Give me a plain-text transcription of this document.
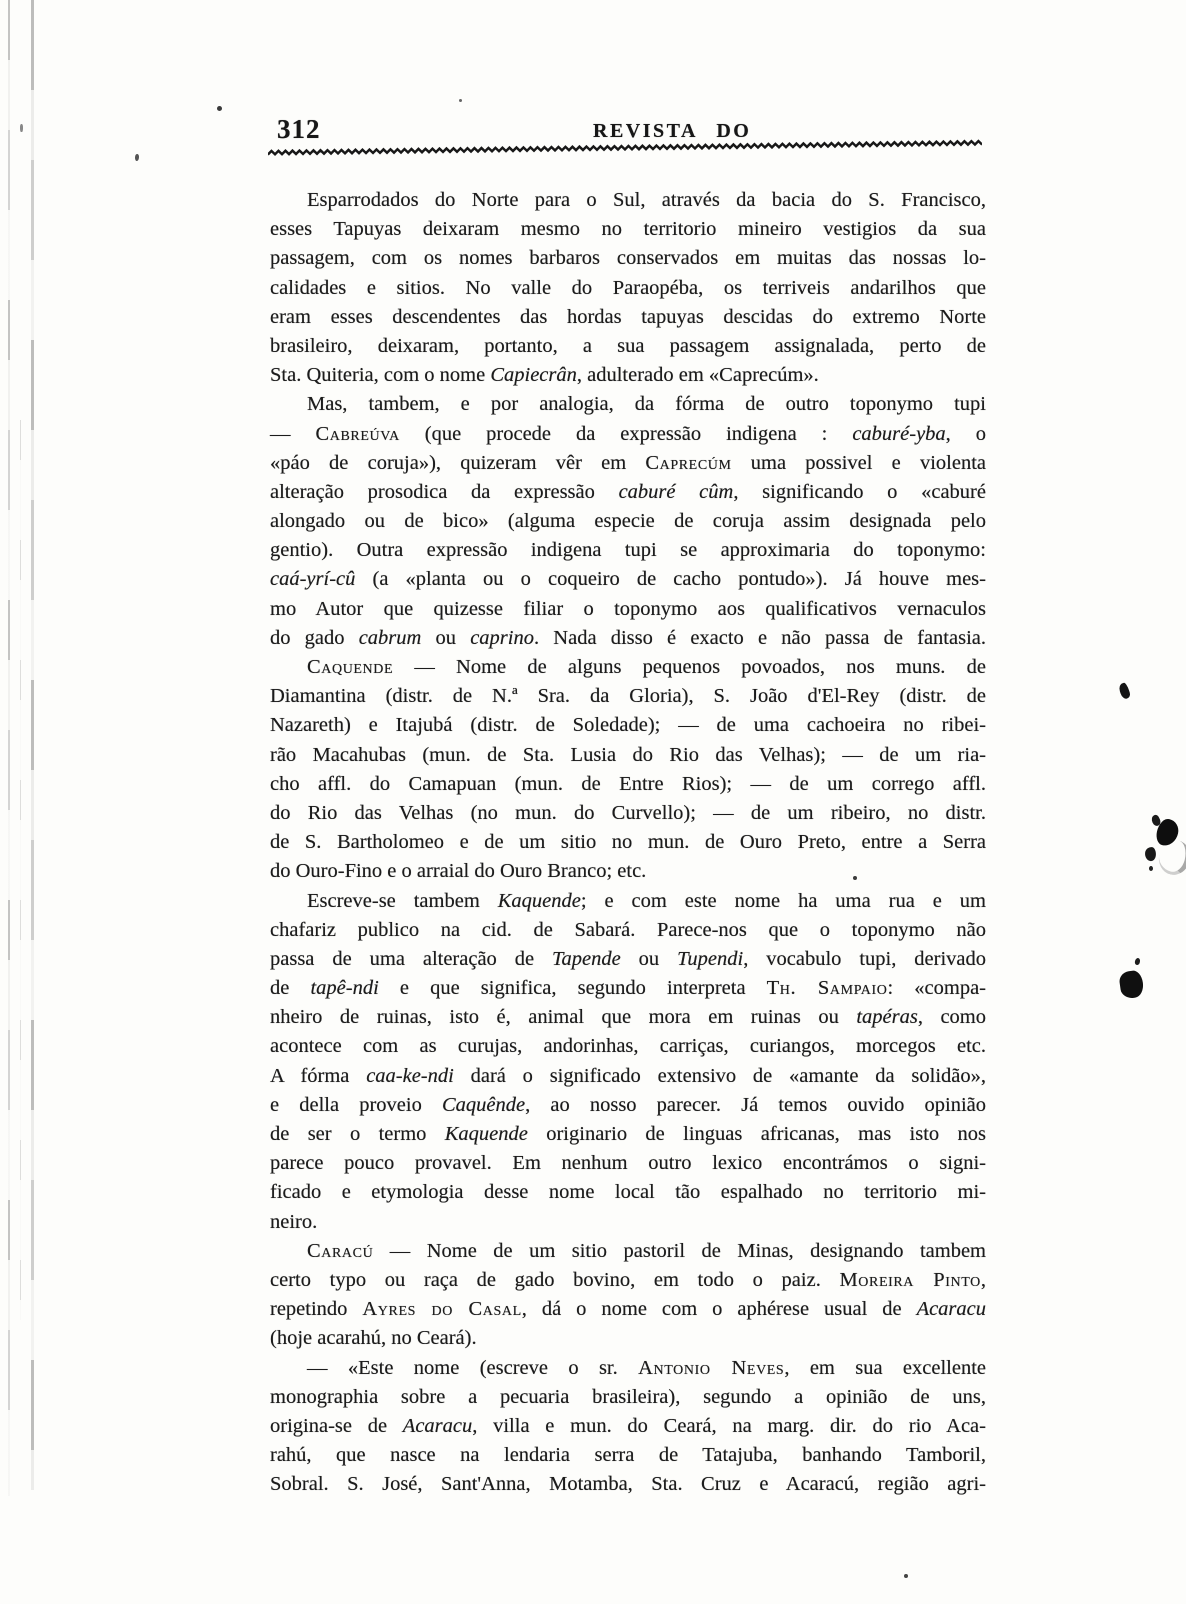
312	REVISTA DO
Esparrodados do Norte para o Sul, através da bacia do S. Francisco,
esses Tapuyas deixaram mesmo no territorio mineiro vestigios da sua
passagem, com os nomes barbaros conservados em muitas das nossas lo-
calidades e sitios. No valle do Paraopéba, os terriveis andarilhos que
eram esses descendentes das hordas tapuyas descidas do extremo Norte
brasileiro, deixaram, portanto, a sua passagem assignalada, perto de
Sta. Quiteria, com o nome Capiecrân, adulterado em «Caprecúm».
Mas, tambem, e por analogia, da fórma de outro toponymo tupi
— Cabreúva (que procede da expressão indigena : caburé-yba, o
«páo de coruja»), quizeram vêr em Caprecúm uma possivel e violenta
alteração prosodica da expressão caburé cûm, significando o «caburé
alongado ou de bico» (alguma especie de coruja assim designada pelo
gentio). Outra expressão indigena tupi se approximaria do toponymo:
caá-yrí-cû (a «planta ou o coqueiro de cacho pontudo»). Já houve mes-
mo Autor que quizesse filiar o toponymo aos qualificativos vernaculos
do gado cabrum ou caprino. Nada disso é exacto e não passa de fantasia.
Caquende — Nome de alguns pequenos povoados, nos muns. de
Diamantina (distr. de N.ª Sra. da Gloria), S. João d'El-Rey (distr. de
Nazareth) e Itajubá (distr. de Soledade); — de uma cachoeira no ribei-
rão Macahubas (mun. de Sta. Lusia do Rio das Velhas); — de um ria-
cho affl. do Camapuan (mun. de Entre Rios); — de um corrego affl.
do Rio das Velhas (no mun. do Curvello); — de um ribeiro, no distr.
de S. Bartholomeo e de um sitio no mun. de Ouro Preto, entre a Serra
do Ouro-Fino e o arraial do Ouro Branco; etc.
Escreve-se tambem Kaquende; e com este nome ha uma rua e um
chafariz publico na cid. de Sabará. Parece-nos que o toponymo não
passa de uma alteração de Tapende ou Tupendi, vocabulo tupi, derivado
de tapê-ndi e que significa, segundo interpreta Th. Sampaio: «compa-
nheiro de ruinas, isto é, animal que mora em ruinas ou tapéras, como
acontece com as curujas, andorinhas, carriças, curiangos, morcegos etc.
A fórma caa-ke-ndi dará o significado extensivo de «amante da solidão»,
e della proveio Caquênde, ao nosso parecer. Já temos ouvido opinião
de ser o termo Kaquende originario de linguas africanas, mas isto nos
parece pouco provavel. Em nenhum outro lexico encontrámos o signi-
ficado e etymologia desse nome local tão espalhado no territorio mi-
neiro.
Caracú — Nome de um sitio pastoril de Minas, designando tambem
certo typo ou raça de gado bovino, em todo o paiz. Moreira Pinto,
repetindo Ayres do Casal, dá o nome com o aphérese usual de Acaracu
(hoje acarahú, no Ceará).
— «Este nome (escreve o sr. Antonio Neves, em sua excellente
monographia sobre a pecuaria brasileira), segundo a opinião de uns,
origina-se de Acaracu, villa e mun. do Ceará, na marg. dir. do rio Aca-
rahú, que nasce na lendaria serra de Tatajuba, banhando Tamboril,
Sobral. S. José, Sant'Anna, Motamba, Sta. Cruz e Acaracú, região agri-
